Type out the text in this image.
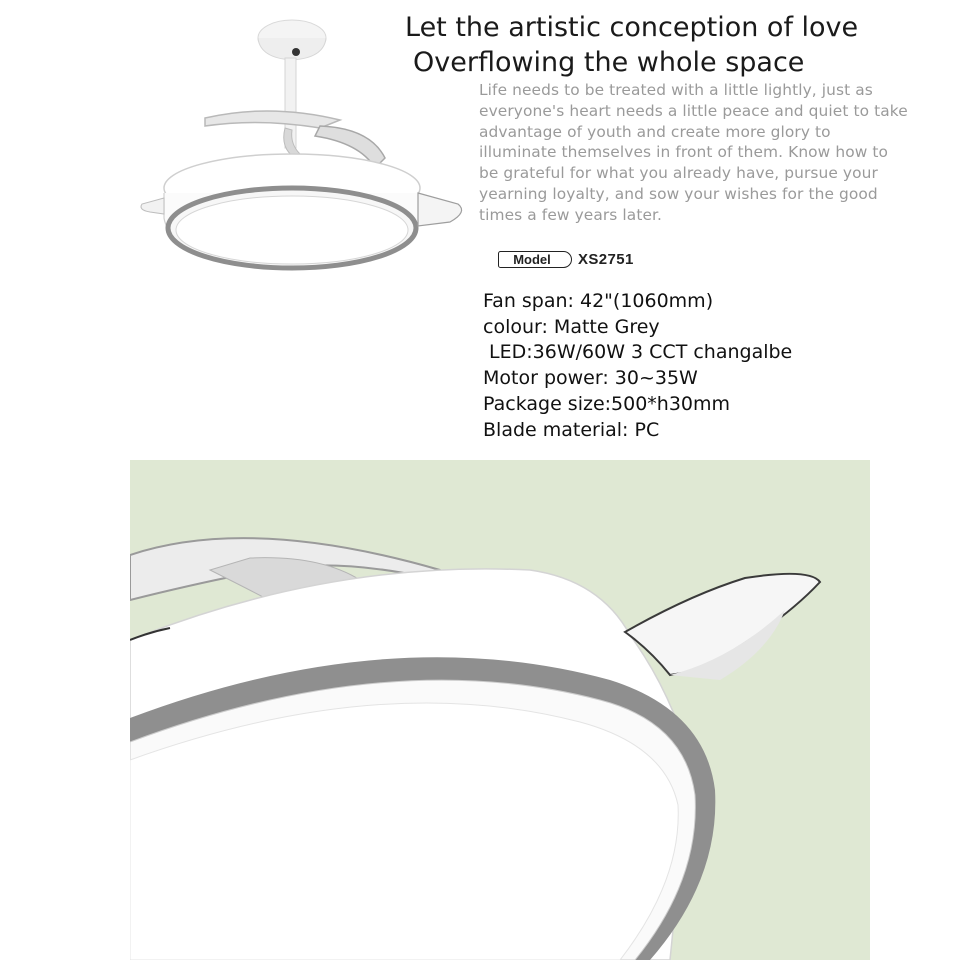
Let the artistic conception of love
Overflowing the whole space
Life needs to be treated with a little lightly, just as
everyone's heart needs a little peace and quiet to take
advantage of youth and create more glory to
illuminate themselves in front of them. Know how to
be grateful for what you already have, pursue your
yearning loyalty, and sow your wishes for the good
times a few years later.
Model	XS2751
Fan span: 42"(1060mm)
colour: Matte Grey
LED:36W/60W 3 CCT changalbe
Motor power: 30~35W
Package size:500*h30mm
Blade material: PC
